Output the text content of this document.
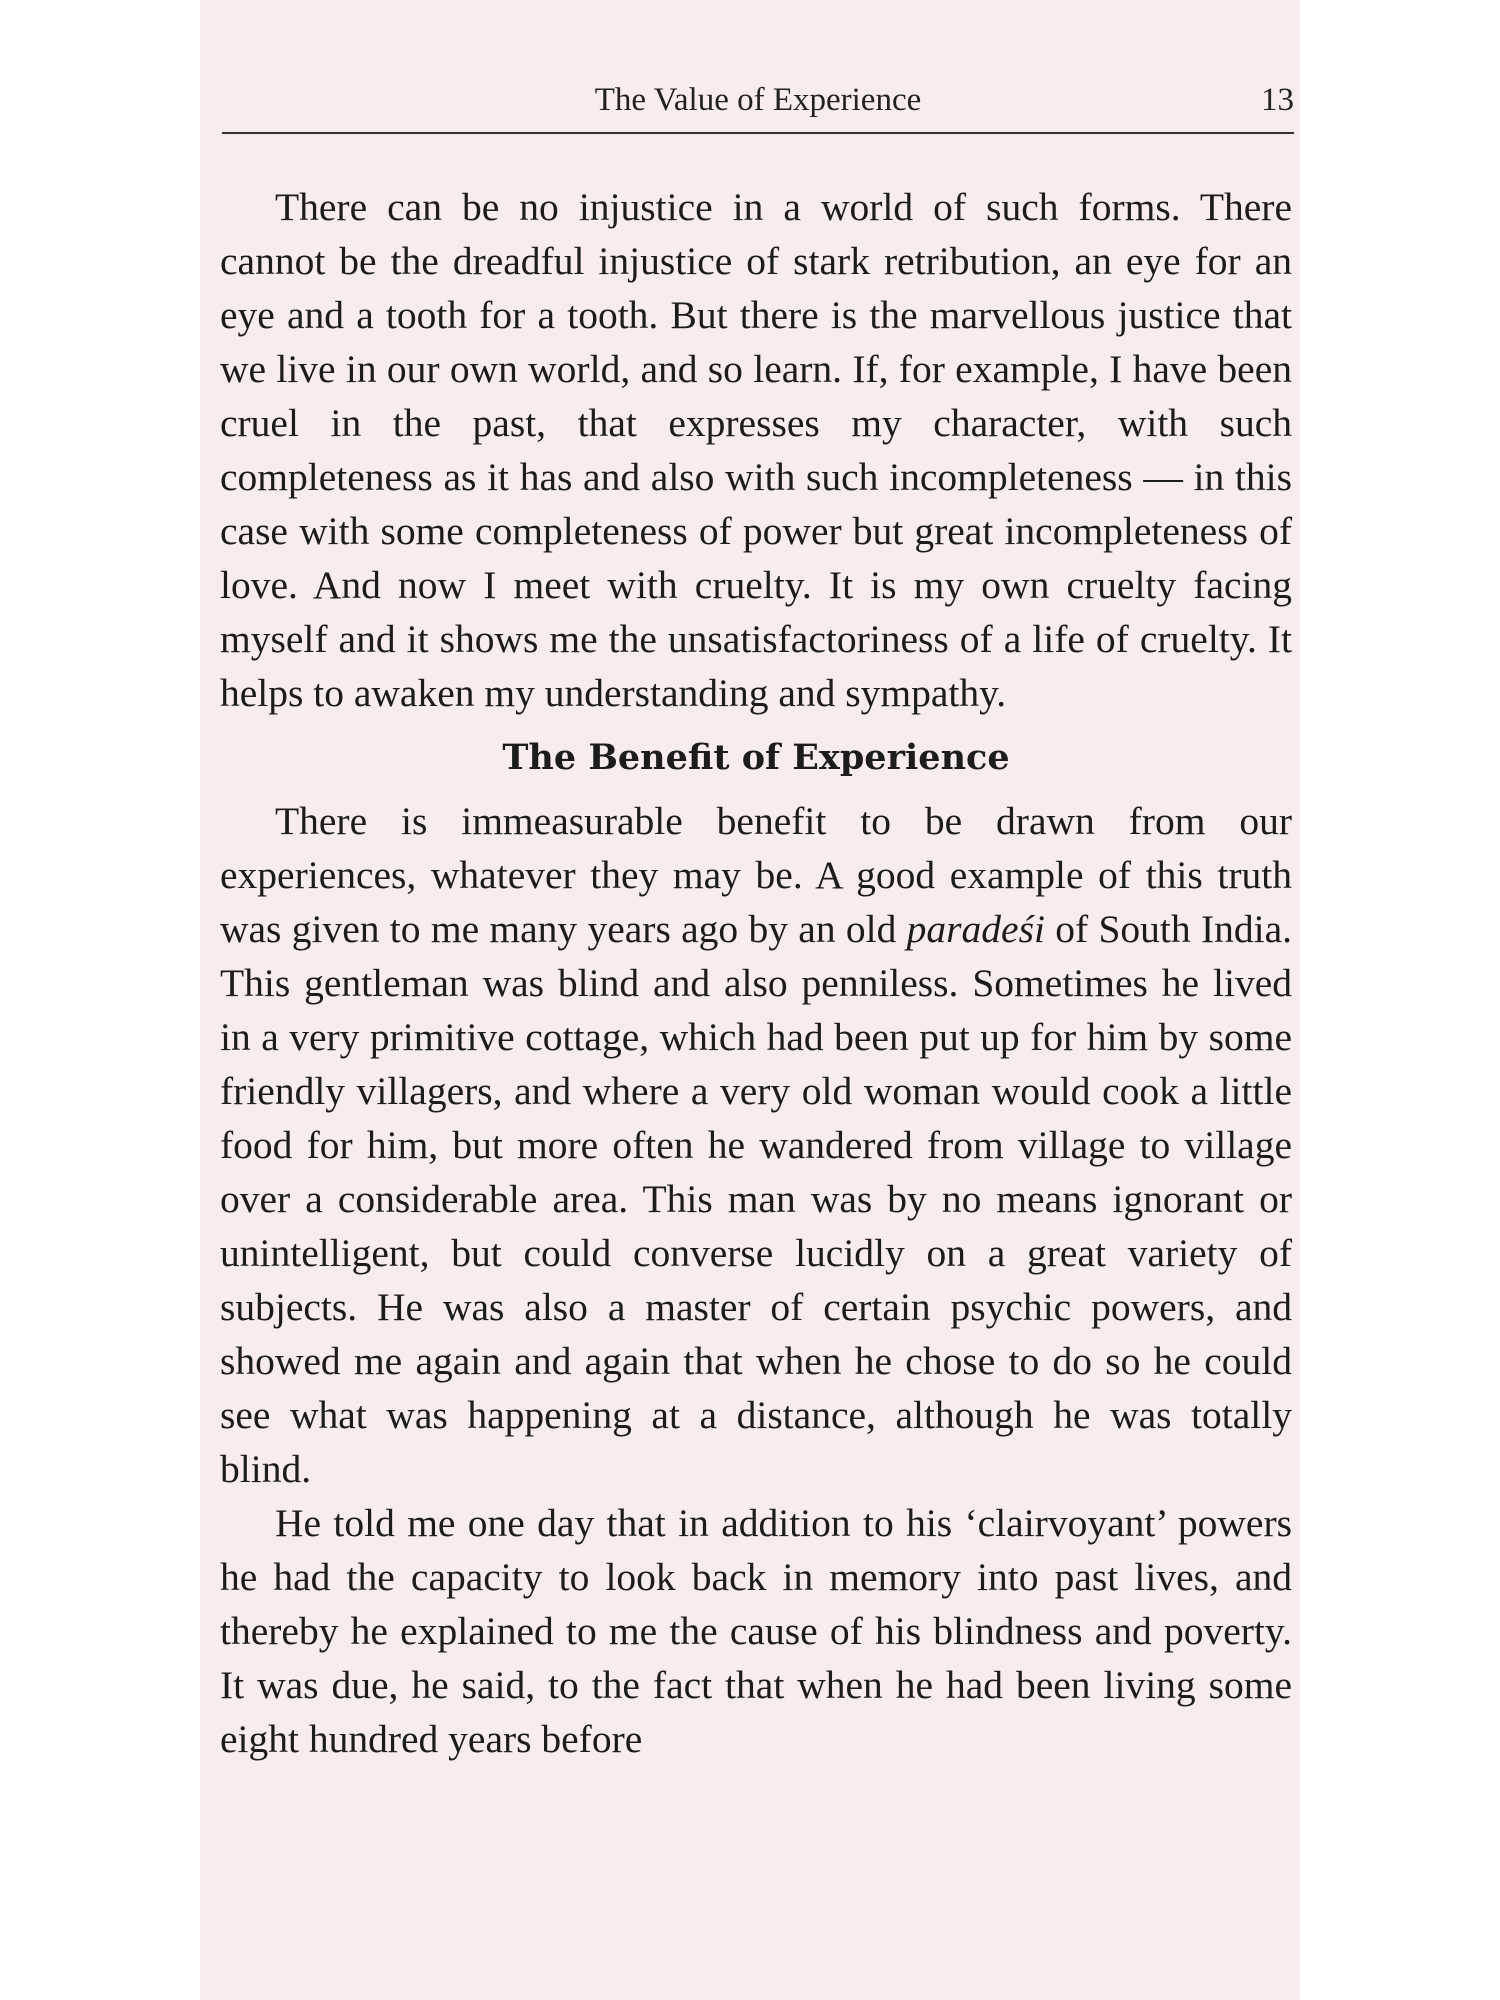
The Value of Experience	13

There can be no injustice in a world of such forms. There cannot be the dreadful injustice of stark retribution, an eye for an eye and a tooth for a tooth. But there is the marvellous justice that we live in our own world, and so learn. If, for example, I have been cruel in the past, that expresses my character, with such completeness as it has and also with such incompleteness — in this case with some completeness of power but great incompleteness of love. And now I meet with cruelty. It is my own cruelty facing myself and it shows me the unsatisfactoriness of a life of cruelty. It helps to awaken my understanding and sympathy.

The Benefit of Experience

There is immeasurable benefit to be drawn from our experiences, whatever they may be. A good example of this truth was given to me many years ago by an old paradeśi of South India. This gentleman was blind and also penniless. Sometimes he lived in a very primitive cottage, which had been put up for him by some friendly villagers, and where a very old woman would cook a little food for him, but more often he wandered from village to village over a considerable area. This man was by no means ignorant or unintelligent, but could converse lucidly on a great variety of subjects. He was also a master of certain psychic powers, and showed me again and again that when he chose to do so he could see what was happening at a distance, although he was totally blind.

He told me one day that in addition to his ‘clairvoyant’ powers he had the capacity to look back in memory into past lives, and thereby he explained to me the cause of his blindness and poverty. It was due, he said, to the fact that when he had been living some eight hundred years before
